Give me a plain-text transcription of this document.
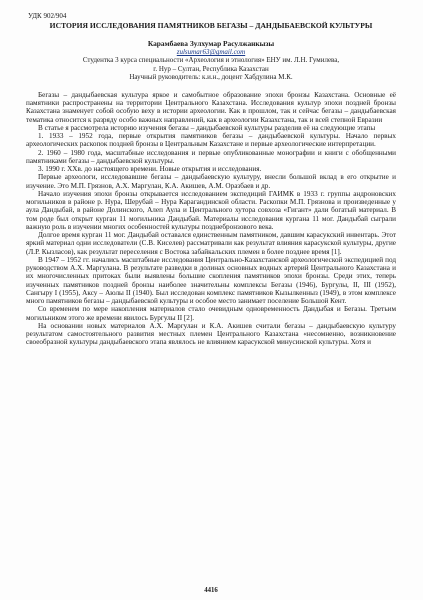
УДК 902/904
ИСТОРИЯ ИССЛЕДОВАНИЯ ПАМЯТНИКОВ БЕГАЗЫ – ДАНДЫБАЕВСКОЙ КУЛЬТУРЫ
Карамбаева Зулхумар Расулжанкызы
zulsumar63@gmail.com
Студентка 3 курса специальности «Археология и этнология» ЕНУ им. Л.Н. Гумилева,
г. Нур – Султан, Республика Казахстан
Научный руководитель: к.и.н., доцент Хабдулина М.К.

Бегазы – дандыбаевская культура яркое и самобытное образование эпохи бронзы Казахстана. Основные её памятники распространены на территории Центрального Казахстана. Исследования культур эпохи поздней бронзы Казахстана знаменует собой особую веху в истории археологии. Как в прошлом, так и сейчас бегазы – дандыбаевская тематика относится к разряду особо важных направлений, как в археологии Казахстана, так и всей степной Евразии

В статье я рассмотрела историю изучения бегазы – дандыбаевской культуры разделив её на следующие этапы

1. 1933 – 1952 года, первые открытия памятников бегазы – дандыбаевской культуры. Начало первых археологических раскопок поздней бронзы в Центральным Казахстане и первые археологические интерпретации.

2. 1960 – 1980 года, масштабные исследования и первые опубликованные монографии и книги с обобщенными памятниками бегазы – дандыбаевской культуры.

3. 1990 г. ХХв. до настоящего времени. Новые открытия и исследования.

Первые археологи, исследовавшие бегазы – дандыбаевскую культуру, внесли большой вклад в его открытие и изучение. Это М.П. Грязнов, А.Х. Маргулан, К.А. Акишев, А.М. Оразбаев и др.

Начало изучения эпохи бронзы открывается исследованием экспедиций ГАИМК в 1933 г. группы андроновских могильников в районе р. Нура, Шерубай – Нура Карагандинской области. Раскопки М.П. Грязнова и произведенные у аула Дандыбай, в районе Долинского, Алеп Аула и Центрального хутора совхоза «Гигант» дали богатый материал. В том роде был открыт курган 11 могильника Дандыбай. Материалы исследования кургана 11 мог. Дандыбай сыграли важную роль в изучении многих особенностей культуры позднебронзового века.

Долгое время курган 11 мог. Дандыбай оставался единственным памятником, давшим карасукский инвентарь. Этот яркий материал одни исследователи (С.В. Киселев) рассматривали как результат влияния карасукской культуры, другие (Л.Р. Кызласов), как результат переселения с Востока забайкальских племен в более позднее время [1].

В 1947 – 1952 гг. начались масштабные исследования Центрально-Казахстанской археологической экспедицией под руководством А.Х. Маргулана. В результате разведки в долинах основных водных артерий Центрального Казахстана и их многочисленных притоках были выявлены большие скопления памятников эпохи бронзы. Среди этих, теперь изученных памятников поздней бронзы наиболее значительны комплексы Бегазы (1946), Бургулы, II, III (1952), Сангыру I (1955), Аксу – Аюлы II (1940). Был исследован комплекс памятников Кызылкенныз (1949), в этом комплексе много памятников бегазы – дандыбаевской культуры и особое место занимает поселение Большой Кент.

Со временем по мере накопления материалов стало очевидным одновременность Дандыбая и Бегазы. Третьим могильником этого же времени явилось Бургулы II [2].

На основании новых материалов А.Х. Маргулан и К.А. Акишев считали бегазы – дандыбаевскую культуру результатом самостоятельного развития местных племен Центрального Казахстана «несомненно, возникновение своеобразной культуры дандыбаевского этапа являлось не влиянием карасукской минусинской культуры. Хотя и

4416
